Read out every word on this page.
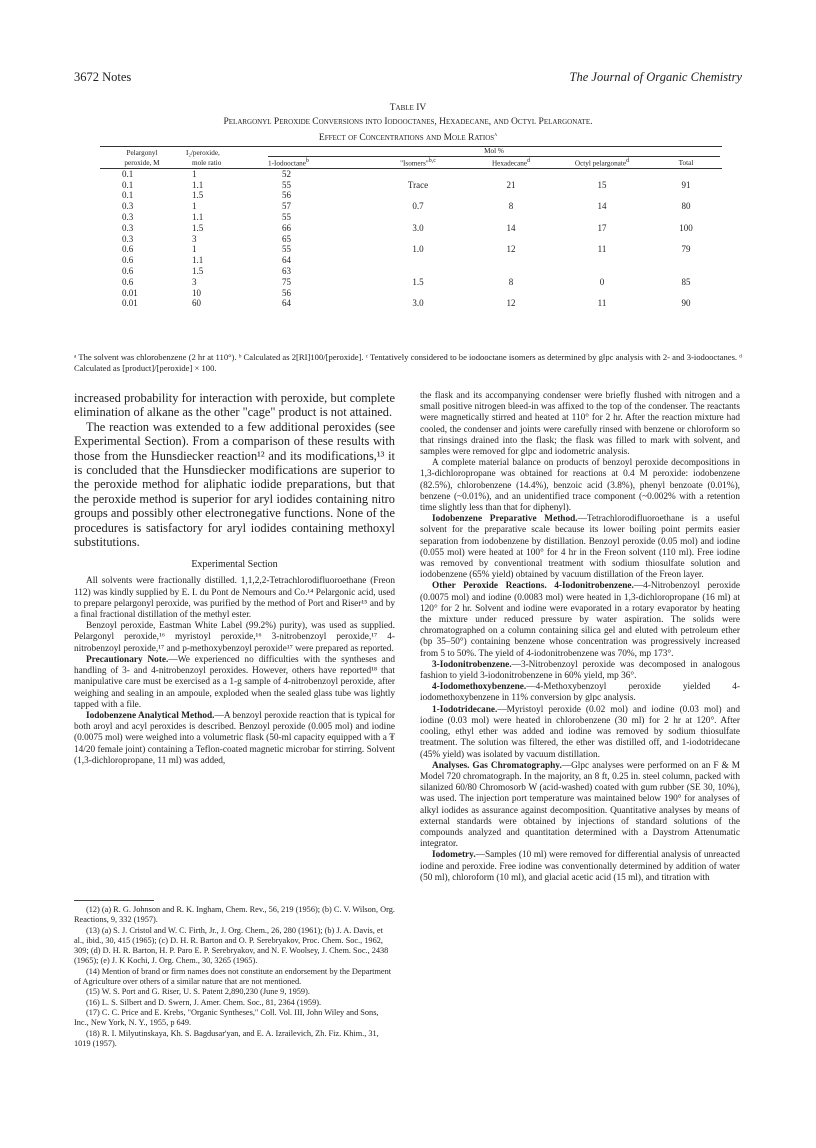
3672 Notes	The Journal of Organic Chemistry
Table IV
Pelargonyl Peroxide Conversions into Iodooctanes, Hexadecane, and Octyl Pelargonate.
Effect of Concentrations and Mole Ratios$^a$
Pelargonyl	I₂/peroxide,	Mol %				

peroxide, M	mole ratio	1-Iodooctane$^b$	"Isomers"$^{b,c}$	Hexadecane$^d$	Octyl pelargonate$^d$	Total
0.1	1	52				
0.1	1.1	55	Trace	21	15	91
0.1	1.5	56				
0.3	1	57	0.7	8	14	80
0.3	1.1	55				
0.3	1.5	66	3.0	14	17	100
0.3	3	65				
0.6	1	55	1.0	12	11	79
0.6	1.1	64				
0.6	1.5	63				
0.6	3	75	1.5	8	0	85
0.01	10	56				
0.01	60	64	3.0	12	11	90
ᵃ The solvent was chlorobenzene (2 hr at 110°). ᵇ Calculated as 2[RI]100/[peroxide]. ᶜ Tentatively considered to be iodooctane isomers as determined by glpc analysis with 2- and 3-iodooctanes. ᵈ Calculated as [product]/[peroxide] × 100.

increased probability for interaction with peroxide, but complete elimination of alkane as the other "cage" product is not attained.

The reaction was extended to a few additional peroxides (see Experimental Section). From a comparison of these results with those from the Hunsdiecker reaction¹² and its modifications,¹³ it is concluded that the Hunsdiecker modifications are superior to the peroxide method for aliphatic iodide preparations, but that the peroxide method is superior for aryl iodides containing nitro groups and possibly other electronegative functions. None of the procedures is satisfactory for aryl iodides containing methoxyl substitutions.

Experimental Section

All solvents were fractionally distilled. 1,1,2,2-Tetrachlorodifluoroethane (Freon 112) was kindly supplied by E. I. du Pont de Nemours and Co.¹⁴ Pelargonic acid, used to prepare pelargonyl peroxide, was purified by the method of Port and Riser¹⁵ and by a final fractional distillation of the methyl ester.

Benzoyl peroxide, Eastman White Label (99.2%) purity), was used as supplied. Pelargonyl peroxide,¹⁶ myristoyl peroxide,¹⁶ 3-nitrobenzoyl peroxide,¹⁷ 4-nitrobenzoyl peroxide,¹⁷ and p-methoxybenzoyl peroxide¹⁷ were prepared as reported.

Precautionary Note.—We experienced no difficulties with the syntheses and handling of 3- and 4-nitrobenzoyl peroxides. However, others have reported¹⁸ that manipulative care must be exercised as a 1-g sample of 4-nitrobenzoyl peroxide, after weighing and sealing in an ampoule, exploded when the sealed glass tube was lightly tapped with a file.

Iodobenzene Analytical Method.—A benzoyl peroxide reaction that is typical for both aroyl and acyl peroxides is described. Benzoyl peroxide (0.005 mol) and iodine (0.0075 mol) were weighed into a volumetric flask (50-ml capacity equipped with a ₮ 14/20 female joint) containing a Teflon-coated magnetic microbar for stirring. Solvent (1,3-dichloropropane, 11 ml) was added,

(12) (a) R. G. Johnson and R. K. Ingham, Chem. Rev., 56, 219 (1956); (b) C. V. Wilson, Org. Reactions, 9, 332 (1957).

(13) (a) S. J. Cristol and W. C. Firth, Jr., J. Org. Chem., 26, 280 (1961); (b) J. A. Davis, et al., ibid., 30, 415 (1965); (c) D. H. R. Barton and O. P. Serebryakov, Proc. Chem. Soc., 1962, 309; (d) D. H. R. Barton, H. P. Paro E. P. Serebryakov, and N. F. Woolsey, J. Chem. Soc., 2438 (1965); (e) J. K Kochi, J. Org. Chem., 30, 3265 (1965).

(14) Mention of brand or firm names does not constitute an endorsement by the Department of Agriculture over others of a similar nature that are not mentioned.

(15) W. S. Port and G. Riser, U. S. Patent 2,890,230 (June 9, 1959).

(16) L. S. Silbert and D. Swern, J. Amer. Chem. Soc., 81, 2364 (1959).

(17) C. C. Price and E. Krebs, "Organic Syntheses," Coll. Vol. III, John Wiley and Sons, Inc., New York, N. Y., 1955, p 649.

(18) R. I. Milyutinskaya, Kh. S. Bagdusar'yan, and E. A. Izrailevich, Zh. Fiz. Khim., 31, 1019 (1957).

the flask and its accompanying condenser were briefly flushed with nitrogen and a small positive nitrogen bleed-in was affixed to the top of the condenser. The reactants were magnetically stirred and heated at 110° for 2 hr. After the reaction mixture had cooled, the condenser and joints were carefully rinsed with benzene or chloroform so that rinsings drained into the flask; the flask was filled to mark with solvent, and samples were removed for glpc and iodometric analysis.

A complete material balance on products of benzoyl peroxide decompositions in 1,3-dichloropropane was obtained for reactions at 0.4 M peroxide: iodobenzene (82.5%), chlorobenzene (14.4%), benzoic acid (3.8%), phenyl benzoate (0.01%), benzene (~0.01%), and an unidentified trace component (~0.002% with a retention time slightly less than that for diphenyl).

Iodobenzene Preparative Method.—Tetrachlorodifluoroethane is a useful solvent for the preparative scale because its lower boiling point permits easier separation from iodobenzene by distillation. Benzoyl peroxide (0.05 mol) and iodine (0.055 mol) were heated at 100° for 4 hr in the Freon solvent (110 ml). Free iodine was removed by conventional treatment with sodium thiosulfate solution and iodobenzene (65% yield) obtained by vacuum distillation of the Freon layer.

Other Peroxide Reactions. 4-Iodonitrobenzene.—4-Nitrobenzoyl peroxide (0.0075 mol) and iodine (0.0083 mol) were heated in 1,3-dichloropropane (16 ml) at 120° for 2 hr. Solvent and iodine were evaporated in a rotary evaporator by heating the mixture under reduced pressure by water aspiration. The solids were chromatographed on a column containing silica gel and eluted with petroleum ether (bp 35–50°) containing benzene whose concentration was progressively increased from 5 to 50%. The yield of 4-iodonitrobenzene was 70%, mp 173°.

3-Iodonitrobenzene.—3-Nitrobenzoyl peroxide was decomposed in analogous fashion to yield 3-iodonitrobenzene in 60% yield, mp 36°.

4-Iodomethoxybenzene.—4-Methoxybenzoyl peroxide yielded 4-iodomethoxybenzene in 11% conversion by glpc analysis.

1-Iodotridecane.—Myristoyl peroxide (0.02 mol) and iodine (0.03 mol) and iodine (0.03 mol) were heated in chlorobenzene (30 ml) for 2 hr at 120°. After cooling, ethyl ether was added and iodine was removed by sodium thiosulfate treatment. The solution was filtered, the ether was distilled off, and 1-iodotridecane (45% yield) was isolated by vacuum distillation.

Analyses. Gas Chromatography.—Glpc analyses were performed on an F & M Model 720 chromatograph. In the majority, an 8 ft, 0.25 in. steel column, packed with silanized 60/80 Chromosorb W (acid-washed) coated with gum rubber (SE 30, 10%), was used. The injection port temperature was maintained below 190° for analyses of alkyl iodides as assurance against decomposition. Quantitative analyses by means of external standards were obtained by injections of standard solutions of the compounds analyzed and quantitation determined with a Daystrom Attenumatic integrator.

Iodometry.—Samples (10 ml) were removed for differential analysis of unreacted iodine and peroxide. Free iodine was conventionally determined by addition of water (50 ml), chloroform (10 ml), and glacial acetic acid (15 ml), and titration with
